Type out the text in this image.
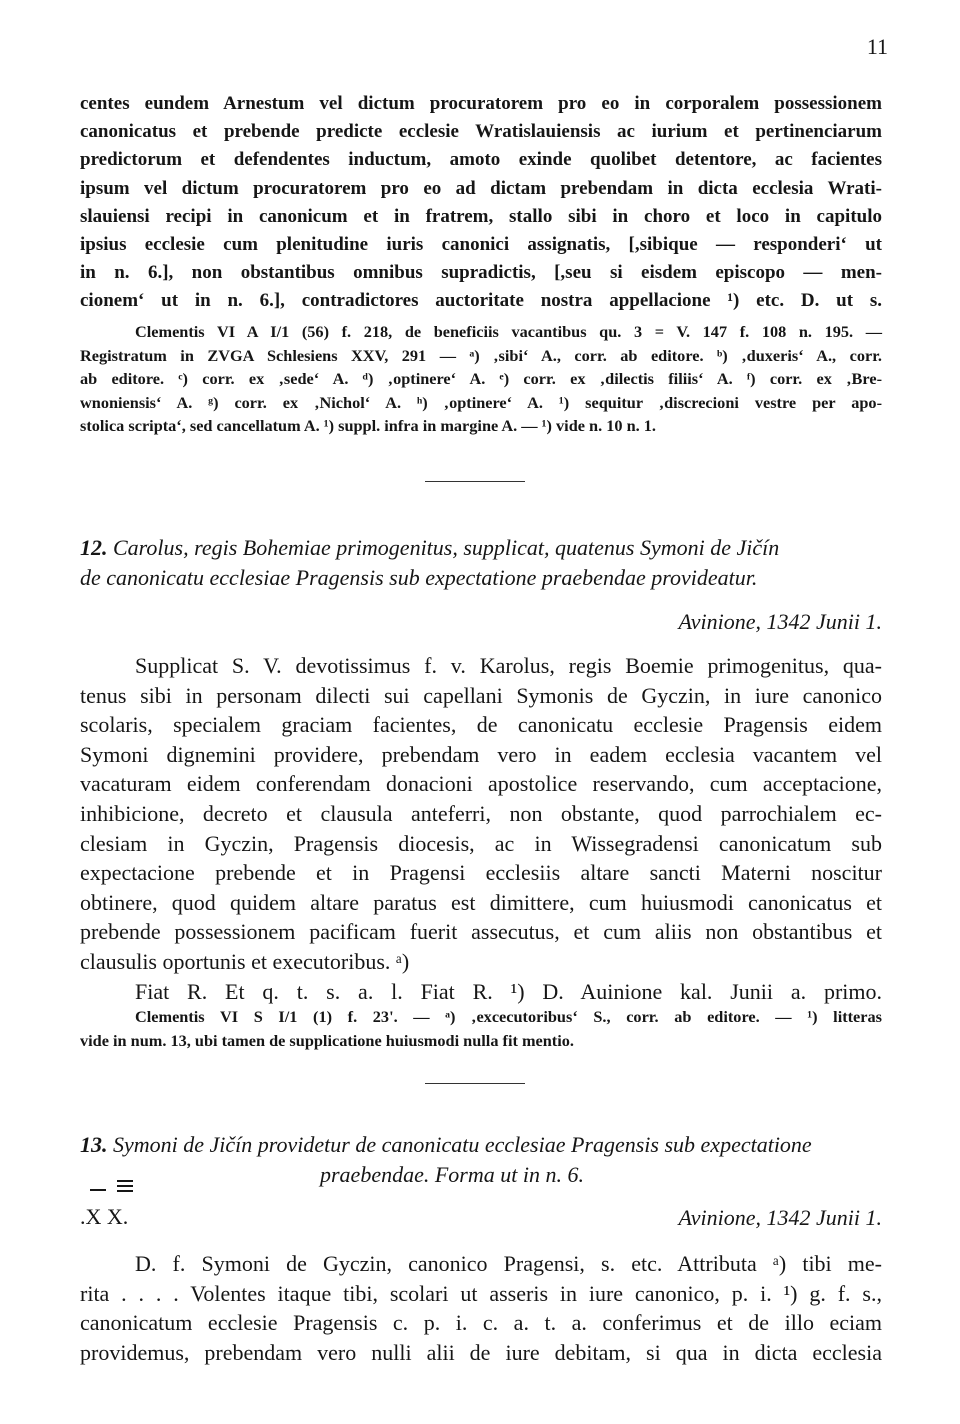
11

centes eundem Arnestum vel dictum procuratorem pro eo in corporalem possessionem

canonicatus et prebende predicte ecclesie Wratislauiensis ac iurium et pertinenciarum

predictorum et defendentes inductum, amoto exinde quolibet detentore, ac facientes

ipsum vel dictum procuratorem pro eo ad dictam prebendam in dicta ecclesia Wrati-

slauiensi recipi in canonicum et in fratrem, stallo sibi in choro et loco in capitulo

ipsius ecclesie cum plenitudine iuris canonici assignatis, [,sibique — responderi‘ ut

in n. 6.], non obstantibus omnibus supradictis, [,seu si eisdem episcopo — men-

cionem‘ ut in n. 6.], contradictores auctoritate nostra appellacione ¹) etc. D. ut s.

Clementis VI A I/1 (56) f. 218, de beneficiis vacantibus qu. 3 = V. 147 f. 108 n. 195. —

Registratum in ZVGA Schlesiens XXV, 291 — ᵃ) ‚sibi‘ A., corr. ab editore. ᵇ) ‚duxeris‘ A., corr.

ab editore. ᶜ) corr. ex ‚sede‘ A. ᵈ) ‚optinere‘ A. ᵉ) corr. ex ‚dilectis filiis‘ A. ᶠ) corr. ex ‚Bre-

wnoniensis‘ A. ᵍ) corr. ex ‚Nichol‘ A. ʰ) ‚optinere‘ A. ¹) sequitur ‚discrecioni vestre per apo-

stolica scripta‘, sed cancellatum A. ¹) suppl. infra in margine A. — ¹) vide n. 10 n. 1.

12. Carolus, regis Bohemiae primogenitus, supplicat, quatenus Symoni de Jičín

de canonicatu ecclesiae Pragensis sub expectatione praebendae provideatur.

Avinione, 1342 Junii 1.

Supplicat S. V. devotissimus f. v. Karolus, regis Boemie primogenitus, qua-

tenus sibi in personam dilecti sui capellani Symonis de Gyczin, in iure canonico

scolaris, specialem graciam facientes, de canonicatu ecclesie Pragensis eidem

Symoni dignemini providere, prebendam vero in eadem ecclesia vacantem vel

vacaturam eidem conferendam donacioni apostolice reservando, cum acceptacione,

inhibicione, decreto et clausula anteferri, non obstante, quod parrochialem ec-

clesiam in Gyczin, Pragensis diocesis, ac in Wissegradensi canonicatum sub

expectacione prebende et in Pragensi ecclesiis altare sancti Materni noscitur

obtinere, quod quidem altare paratus est dimittere, cum huiusmodi canonicatus et

prebende possessionem pacificam fuerit assecutus, et cum aliis non obstantibus et

clausulis oportunis et executoribus. ᵃ)

Fiat R. Et q. t. s. a. l. Fiat R. ¹) D. Auinione kal. Junii a. primo.

Clementis VI S I/1 (1) f. 23'. — ᵃ) ‚excecutoribus‘ S., corr. ab editore. — ¹) litteras

vide in num. 13, ubi tamen de supplicatione huiusmodi nulla fit mentio.

13. Symoni de Jičín providetur de canonicatu ecclesiae Pragensis sub expectatione

praebendae. Forma ut in n. 6.

.X X.	Avinione, 1342 Junii 1.

D. f. Symoni de Gyczin, canonico Pragensi, s. etc. Attributa ᵃ) tibi me-

rita . . . . Volentes itaque tibi, scolari ut asseris in iure canonico, p. i. ¹) g. f. s.,

canonicatum ecclesie Pragensis c. p. i. c. a. t. a. conferimus et de illo eciam

providemus, prebendam vero nulli alii de iure debitam, si qua in dicta ecclesia
